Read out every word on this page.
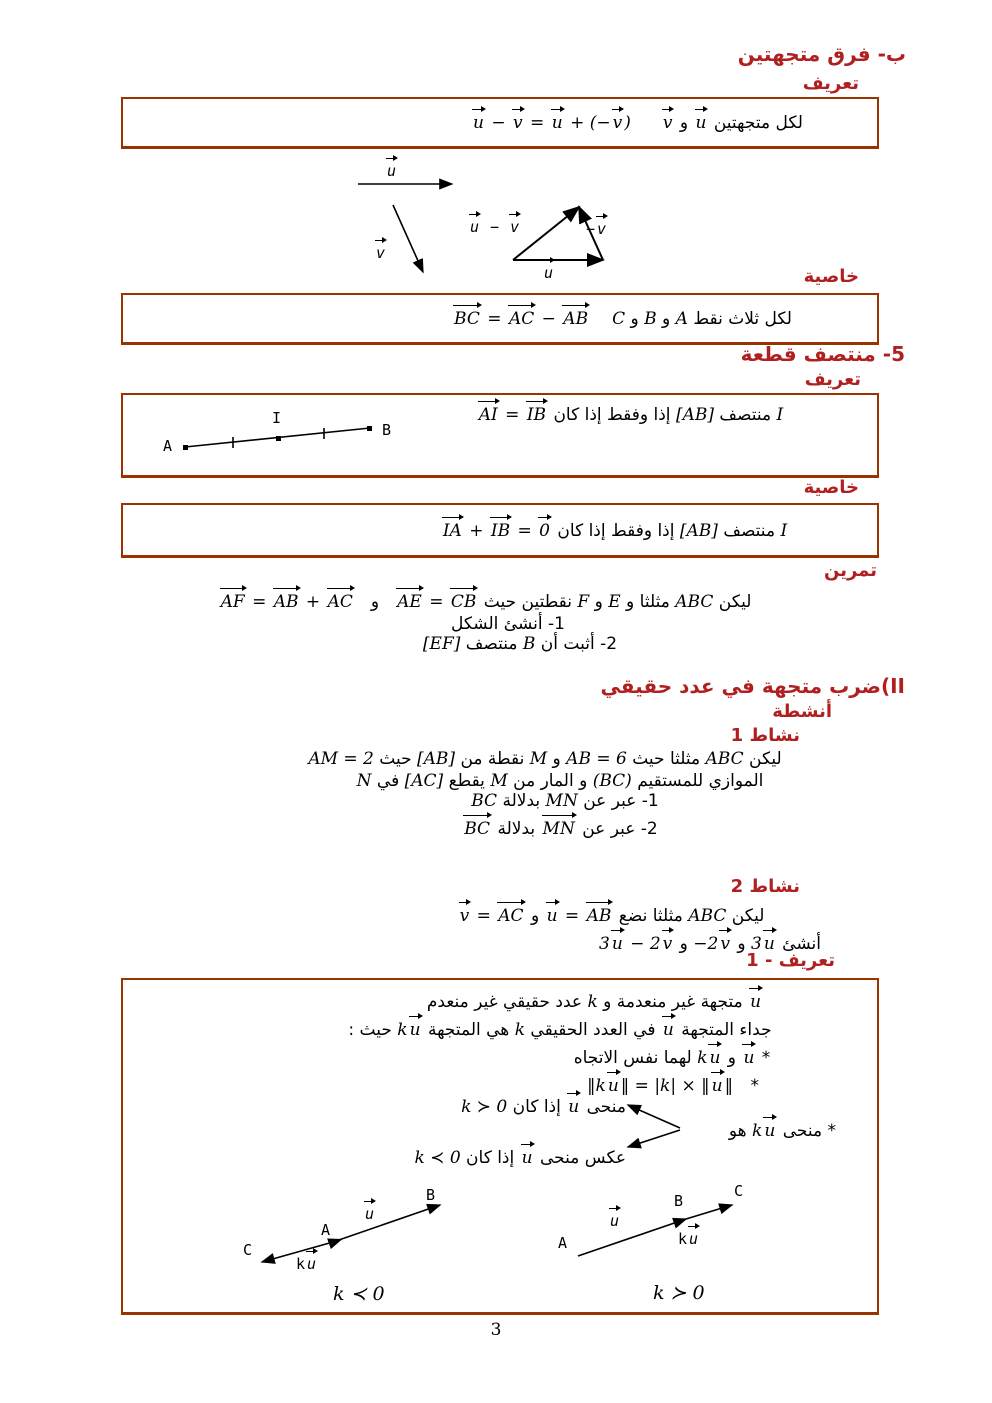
ب- فرق متجهتين
تعريف
لكل متجهتين u و vu − v = u + (− v )
u
v
u − v	− v
u	خاصية
لكل ثلاث نقط A و B و CBC = AC − AB
5- منتصف قطعة
تعريف
I منتصف [AB] إذا وفقط إذا كان AI = IB
A
I
B
خاصية
I منتصف [AB] إذا وفقط إذا كان IA + IB = 0
تمرين
ليكن ABC مثلثا و E و F نقطتين حيث AE = CBوAF = AB + AC
1- أنشئ الشكل
2- أثبت أن B منتصف [EF]
II)ضرب متجهة في عدد حقيقي
أنشطة
نشاط 1
ليكن ABC مثلثا حيث AB = 6 و M نقطة من [AB] حيث AM = 2
الموازي للمستقيم (BC) و المار من M يقطع [AC] في N
1- عبر عن MN بدلالة BC
2- عبر عن MN بدلالة BC
نشاط 2
ليكن ABC مثلثا نضع u = AB و v = AC
أنشئ 3 u و −2 v و 3 u − 2 v
1 - تعريف
u متجهة غير منعدمة و k عدد حقيقي غير منعدم
جداء المتجهة u في العدد الحقيقي k هي المتجهة k u حيث :
* u و k u لهما نفس الاتجاه
* ‖k u ‖ = |k| × ‖ u ‖
* منحى k u هو
منحى u إذا كان k ≻ 0
عكس منحى u إذا كان k ≺ 0
C
A
B
u
k u
k ≺ 0
A
B
C
u
k u
k ≻ 0
3
